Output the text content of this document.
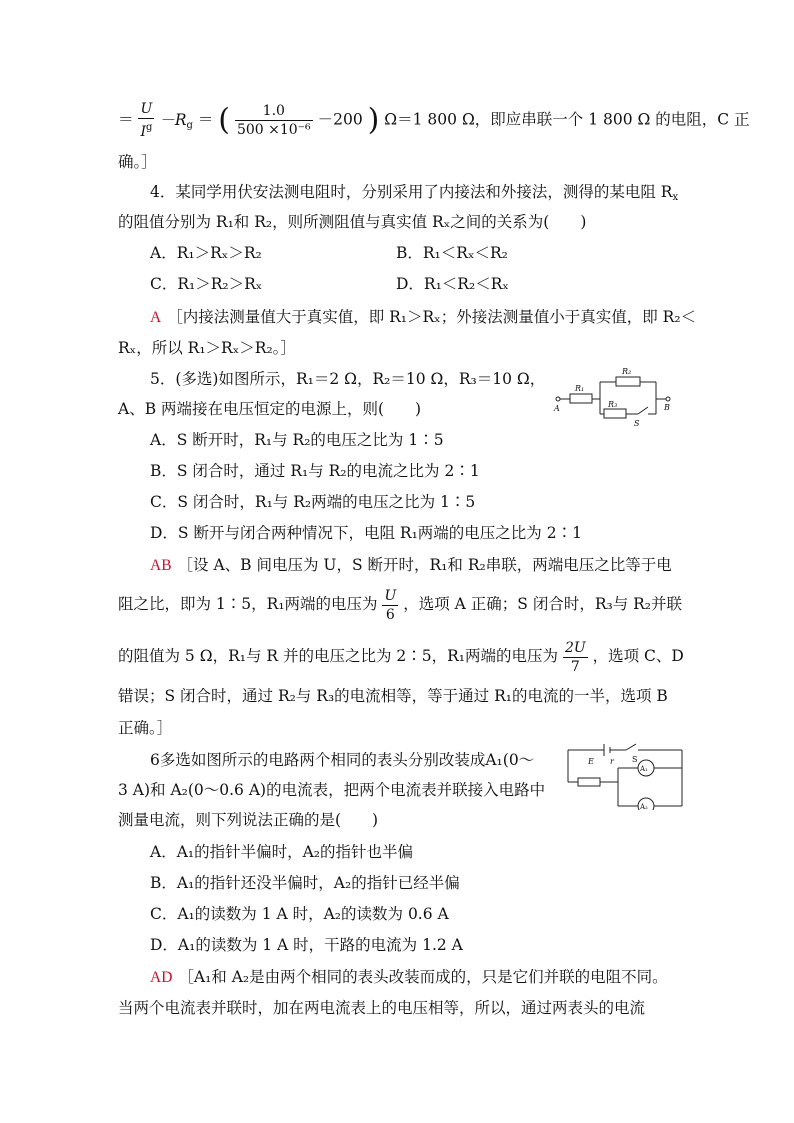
＝ $\frac{U}{I^g} -R_g$ ＝ ( $\frac{1.0}{\text{500 ×10⁻⁶}} -200$ ) Ω＝1 800 Ω，即应串联一个 1 800 Ω 的电阻，C 正
确。］
4．某同学用伏安法测电阻时，分别采用了内接法和外接法，测得的某电阻 $R_x$
的阻值分别为 R₁和 R₂，则所测阻值与真实值 Rₓ之间的关系为(　　)
A．R₁＞Rₓ＞R₂	B．R₁＜Rₓ＜R₂
C．R₁＞R₂＞Rₓ	D．R₁＜R₂＜Rₓ
A ［内接法测量值大于真实值，即 R₁＞Rₓ；外接法测量值小于真实值，即 R₂＜
Rₓ，所以 R₁＞Rₓ＞R₂。］
5．(多选)如图所示，R₁＝2 Ω，R₂＝10 Ω，R₃＝10 Ω，
A、B 两端接在电压恒定的电源上，则(　　)
R₁
R₂
R₃
A	B
S
A．S 断开时，R₁与 R₂的电压之比为 1∶5
B．S 闭合时，通过 R₁与 R₂的电流之比为 2∶1
C．S 闭合时，R₁与 R₂两端的电压之比为 1∶5
D．S 断开与闭合两种情况下，电阻 R₁两端的电压之比为 2∶1
AB ［设 A、B 间电压为 U，S 断开时，R₁和 R₂串联，两端电压之比等于电
阻之比，即为 1∶5，R₁两端的电压为 $\frac{U}{6}$ ，选项 A 正确；S 闭合时，R₃与 R₂并联
的阻值为 5 Ω，R₁与 R 并的电压之比为 2∶5，R₁两端的电压为 $\frac{2U}{7}$ ，选项 C、D
错误；S 闭合时，通过 R₂与 R₃的电流相等，等于通过 R₁的电流的一半，选项 B
正确。］
6多选如图所示的电路两个相同的表头分别改装成A₁(0～
3 A)和 A₂(0～0.6 A)的电流表，把两个电流表并联接入电路中
测量电流，则下列说法正确的是(　　)
E r S
A₁
A₂
A．A₁的指针半偏时，A₂的指针也半偏
B．A₁的指针还没半偏时，A₂的指针已经半偏
C．A₁的读数为 1 A 时，A₂的读数为 0.6 A
D．A₁的读数为 1 A 时，干路的电流为 1.2 A
AD ［A₁和 A₂是由两个相同的表头改装而成的，只是它们并联的电阻不同。
当两个电流表并联时，加在两电流表上的电压相等，所以，通过两表头的电流
